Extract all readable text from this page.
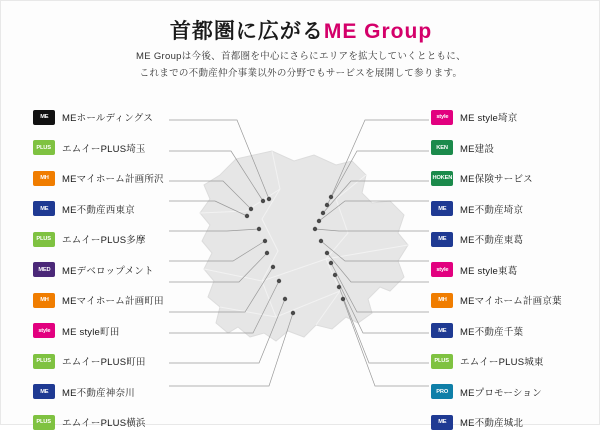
首都圏に広がるME Group
ME Groupは今後、首都圏を中心にさらにエリアを拡大していくとともに、
これまでの不動産仲介事業以外の分野でもサービスを展開して参ります。
ME MEホールディングス
PLUS エムイーPLUS埼玉
MH MEマイホーム計画所沢
ME ME不動産西東京
PLUS エムイーPLUS多摩
MED MEデベロップメント
MH MEマイホーム計画町田
style ME style町田
PLUS エムイーPLUS町田
ME ME不動産神奈川
PLUS エムイーPLUS横浜
style ME style埼京
KEN ME建設
HOKEN ME保険サービス
ME ME不動産埼京
ME ME不動産東葛
style ME style東葛
MH MEマイホーム計画京葉
ME ME不動産千葉
PLUS エムイーPLUS城東
PRO MEプロモーション
ME ME不動産城北
